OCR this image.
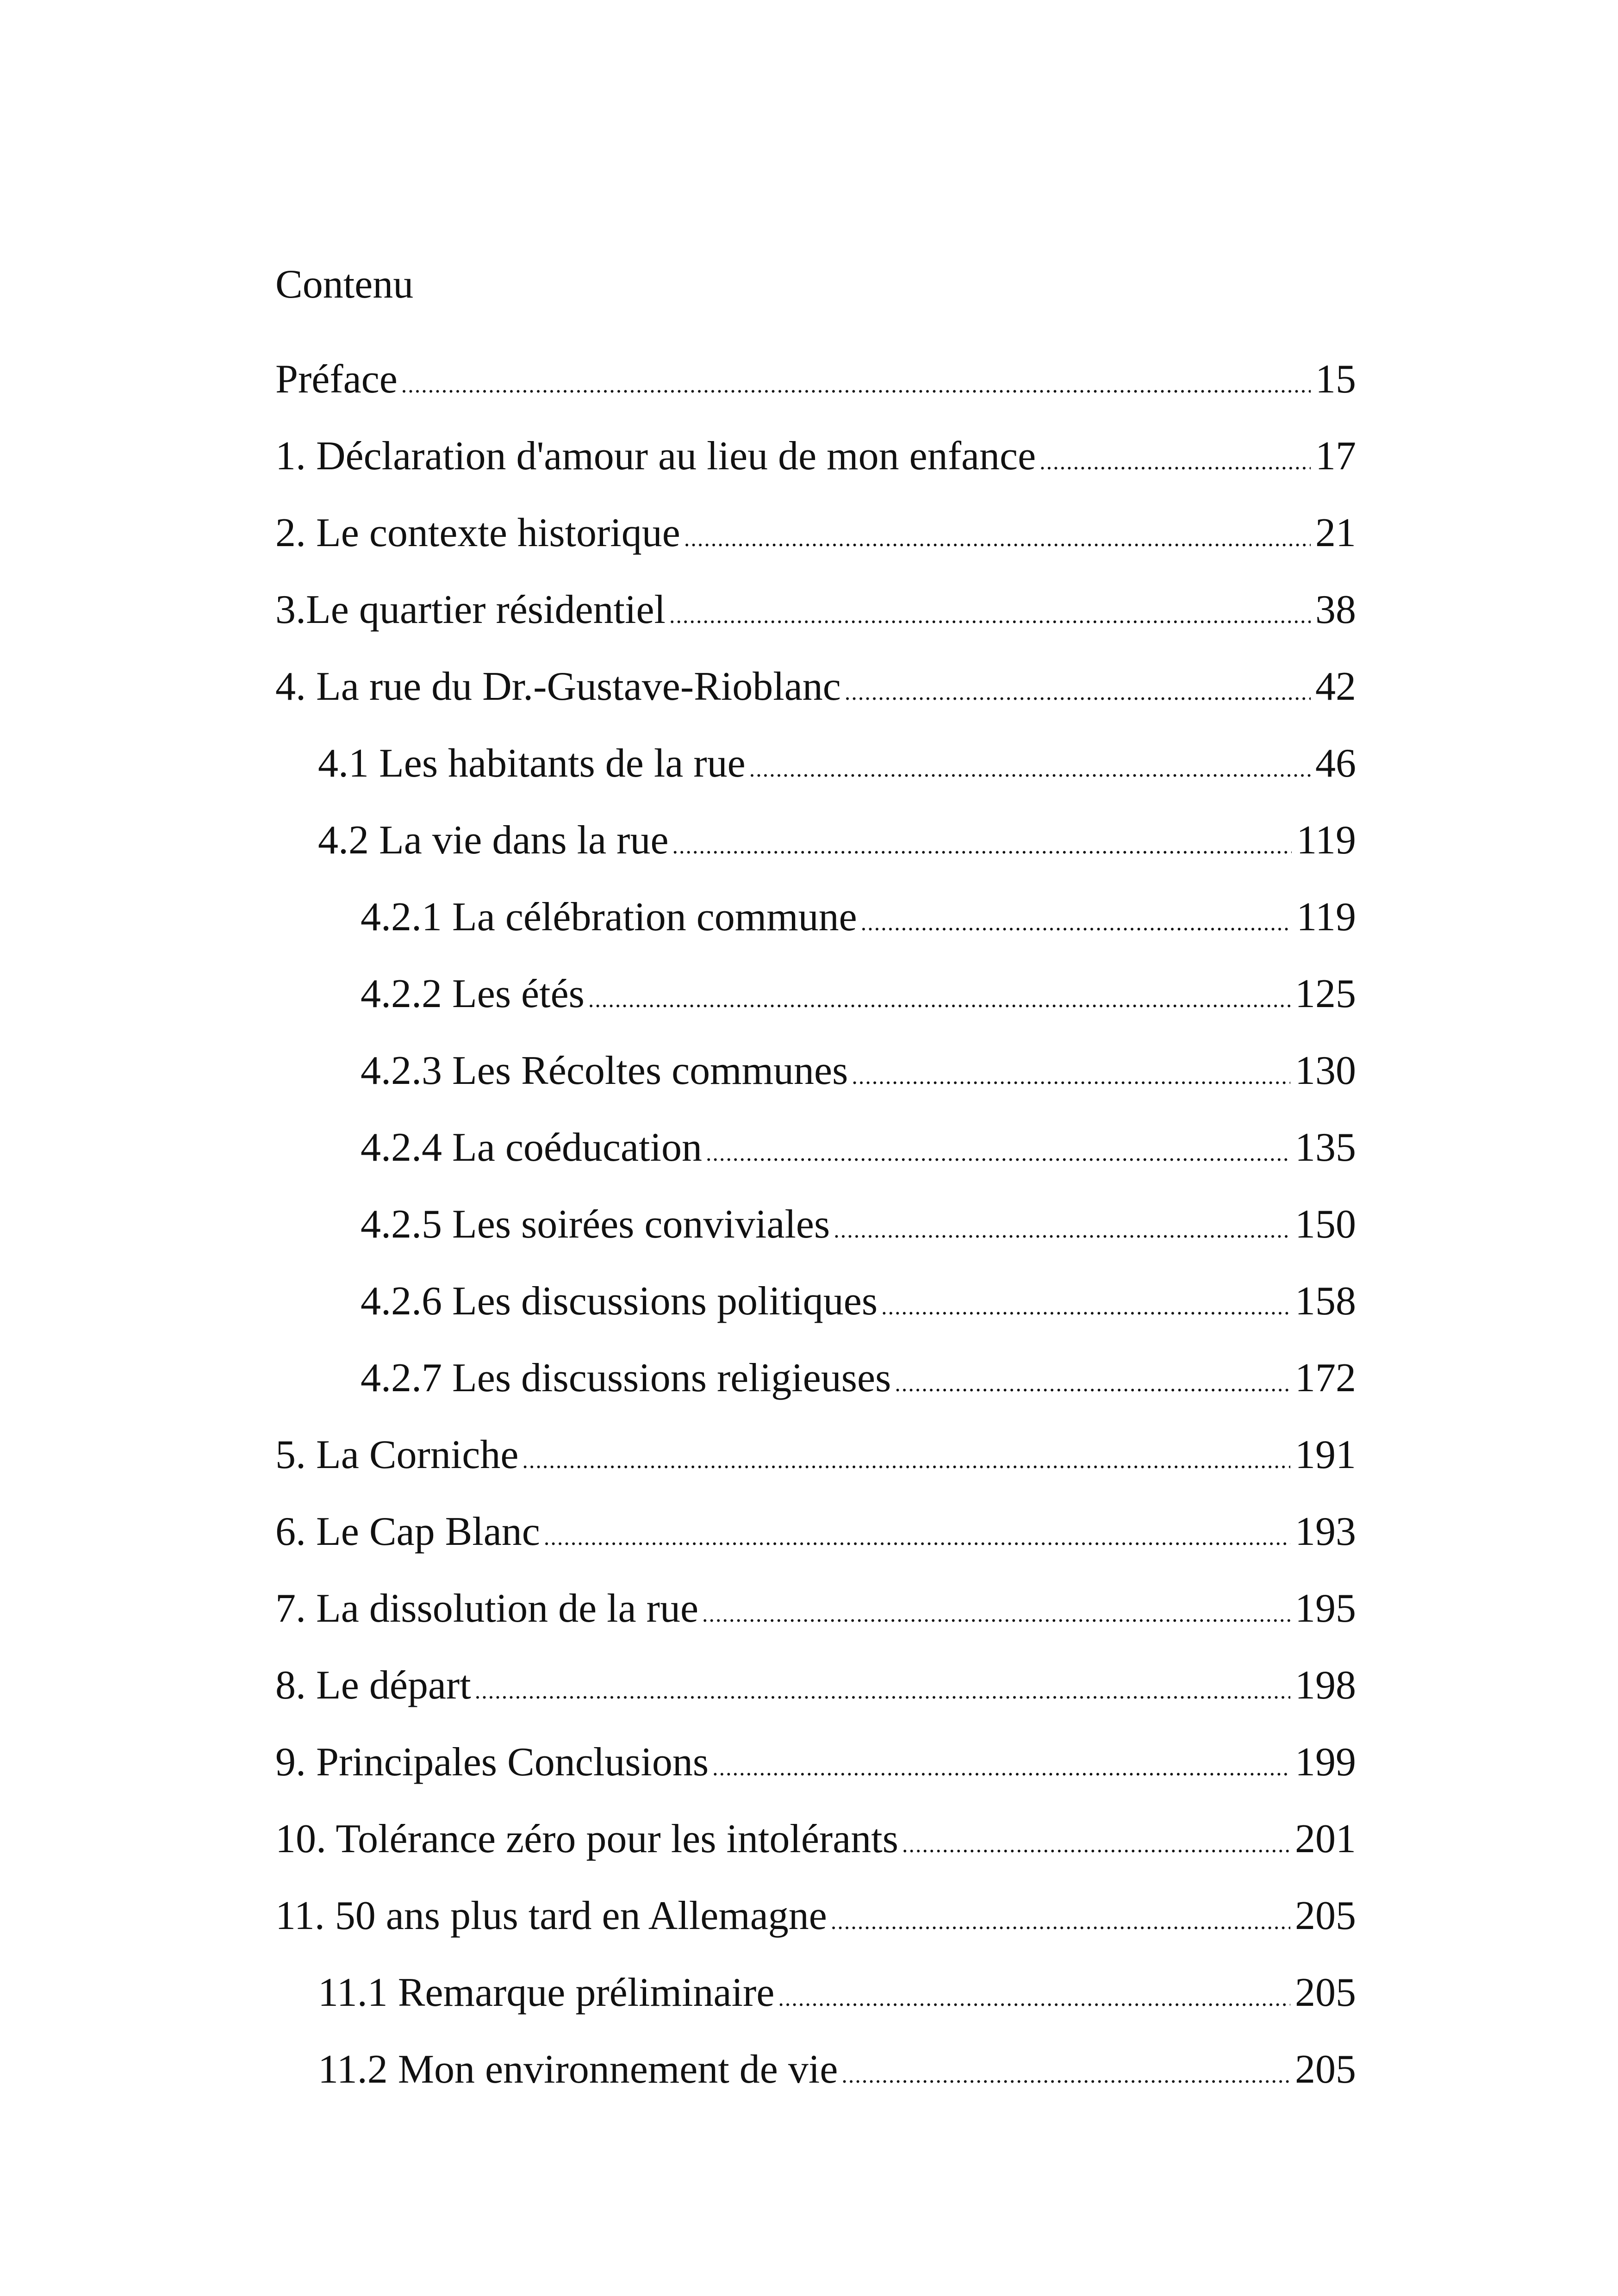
Contenu
Préface .....	15
1. Déclaration d'amour au lieu de mon enfance .....	17
2. Le contexte historique .....	21
3.Le quartier résidentiel .....	38
4. La rue du Dr.-Gustave-Rioblanc .....	42
4.1 Les habitants de la rue .....	46
4.2 La vie dans la rue .....	119
4.2.1 La célébration commune .....	119
4.2.2 Les étés .....	125
4.2.3 Les Récoltes communes .....	130
4.2.4 La coéducation .....	135
4.2.5 Les soirées conviviales .....	150
4.2.6 Les discussions politiques .....	158
4.2.7 Les discussions religieuses .....	172
5. La Corniche .....	191
6. Le Cap Blanc .....	193
7. La dissolution de la rue .....	195
8. Le départ .....	198
9. Principales Conclusions .....	199
10. Tolérance zéro pour les intolérants .....	201
11. 50 ans plus tard en Allemagne .....	205
11.1 Remarque préliminaire .....	205
11.2 Mon environnement de vie .....	205
